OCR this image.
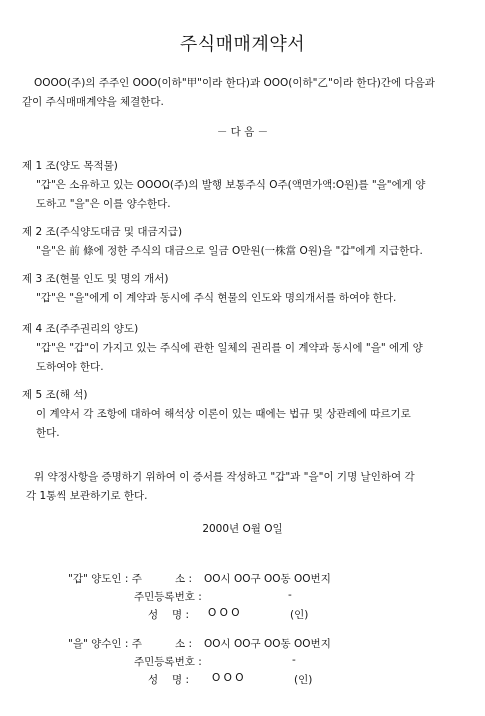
주식매매계약서
OOOO(주)의 주주인 OOO(이하"甲"이라 한다)과 OOO(이하"乙"이라 한다)간에 다음과
같이 주식매매계약을 체결한다.
－ 다 음 －
제 1 조(양도 목적물)
"갑"은 소유하고 있는 OOOO(주)의 발행 보통주식 O주(액면가액:O원)를 "을"에게 양
도하고 "을"은 이를 양수한다.
제 2 조(주식양도대금 및 대금지급)
"을"은 前 條에 정한 주식의 대금으로 일금 O만원(一株當 O원)을 "갑"에게 지급한다.
제 3 조(현물 인도 및 명의 개서)
"갑"은 "을"에게 이 계약과 동시에 주식 현물의 인도와 명의개서를 하여야 한다.
제 4 조(주주권리의 양도)
"갑"은 "갑"이 가지고 있는 주식에 관한 일체의 권리를 이 계약과 동시에 "을" 에게 양
도하여야 한다.
제 5 조(해 석)
이 계약서 각 조항에 대하여 해석상 이론이 있는 때에는 법규 및 상관례에 따르기로
한다.
위 약정사항을 증명하기 위하여 이 증서를 작성하고 "갑"과 "을"이 기명 날인하여 각
각 1통씩 보관하기로 한다.
2000년 O월 O일
"갑" 양도인 : 주	소 : OO시 OO구 OO동 OO번지
주민등록번호 :	-
성 명 : O O O	(인)
"을" 양수인 : 주	소 : OO시 OO구 OO동 OO번지
주민등록번호 :	-
성 명 : O O O	(인)
